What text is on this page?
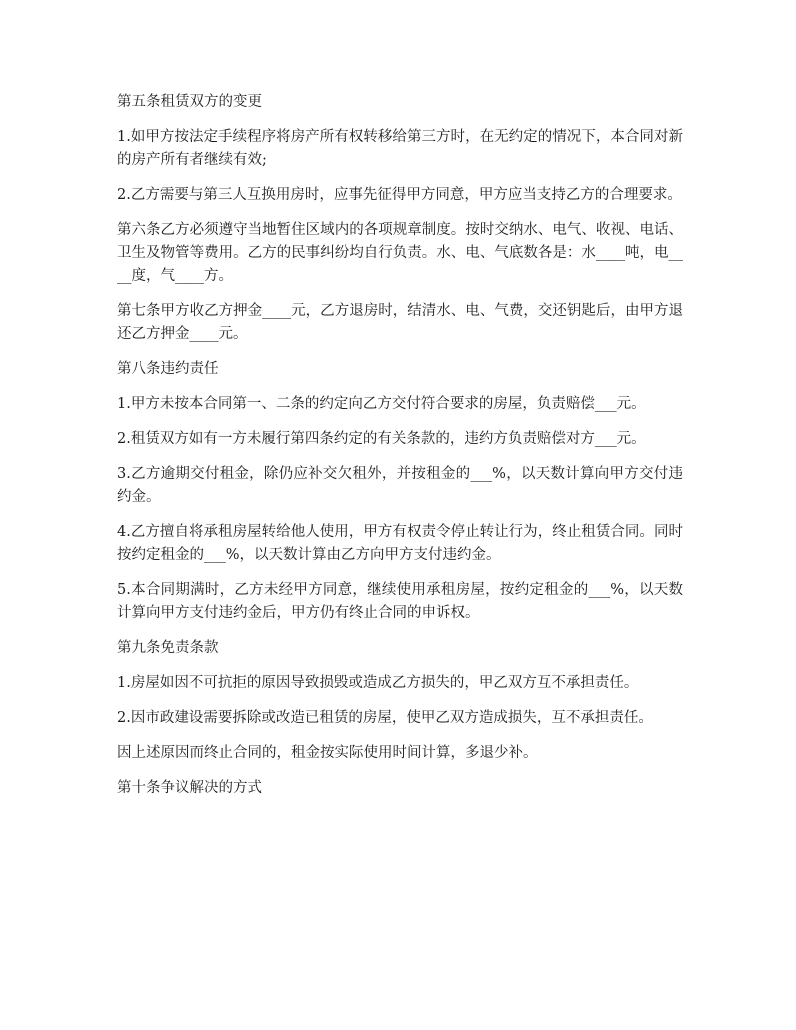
第五条租赁双方的变更

1.如甲方按法定手续程序将房产所有权转移给第三方时，在无约定的情况下，本合同对新的房产所有者继续有效;

2.乙方需要与第三人互换用房时，应事先征得甲方同意，甲方应当支持乙方的合理要求。

第六条乙方必须遵守当地暂住区域内的各项规章制度。按时交纳水、电气、收视、电话、卫生及物管等费用。乙方的民事纠纷均自行负责。水、电、气底数各是：水____吨，电____度，气____方。

第七条甲方收乙方押金____元，乙方退房时，结清水、电、气费，交还钥匙后，由甲方退还乙方押金____元。

第八条违约责任

1.甲方未按本合同第一、二条的约定向乙方交付符合要求的房屋，负责赔偿___元。

2.租赁双方如有一方未履行第四条约定的有关条款的，违约方负责赔偿对方___元。

3.乙方逾期交付租金，除仍应补交欠租外，并按租金的___%，以天数计算向甲方交付违约金。

4.乙方擅自将承租房屋转给他人使用，甲方有权责令停止转让行为，终止租赁合同。同时按约定租金的___%，以天数计算由乙方向甲方支付违约金。

5.本合同期满时，乙方未经甲方同意，继续使用承租房屋，按约定租金的___%，以天数计算向甲方支付违约金后，甲方仍有终止合同的申诉权。

第九条免责条款

1.房屋如因不可抗拒的原因导致损毁或造成乙方损失的，甲乙双方互不承担责任。

2.因市政建设需要拆除或改造已租赁的房屋，使甲乙双方造成损失，互不承担责任。

因上述原因而终止合同的，租金按实际使用时间计算，多退少补。

第十条争议解决的方式
